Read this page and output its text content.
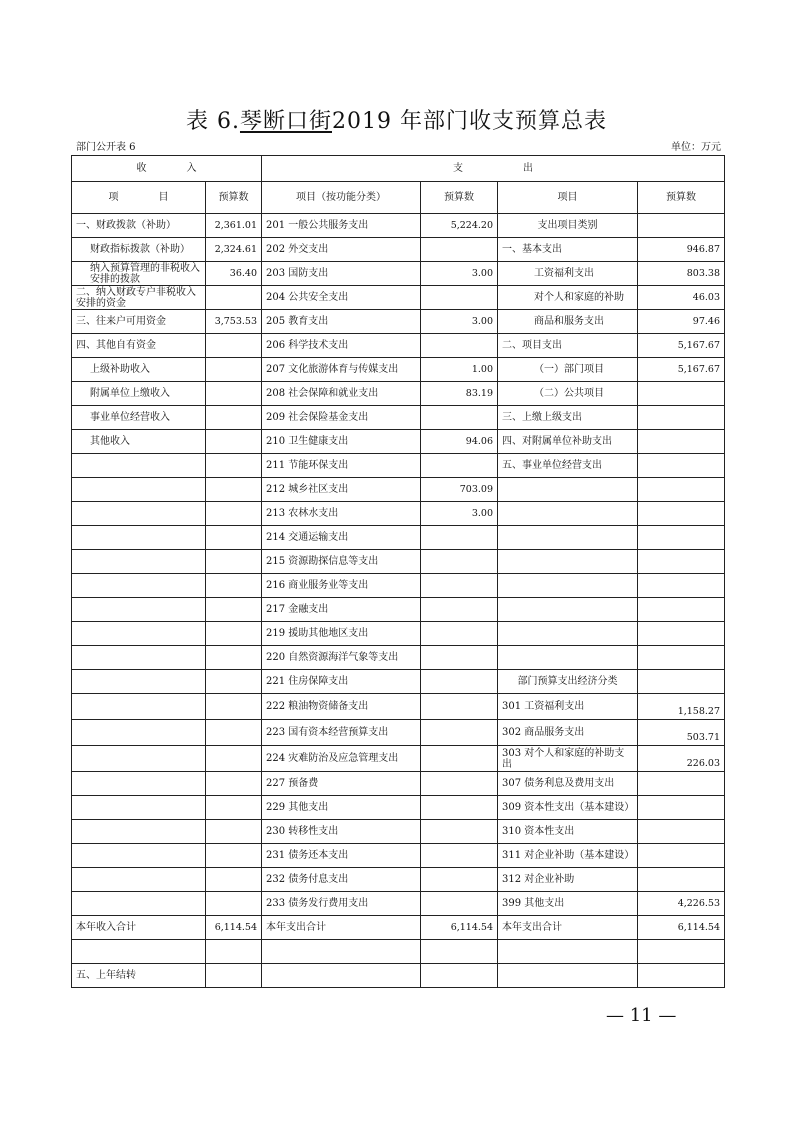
表 6.琴断口街2019 年部门收支预算总表
部门公开表 6	单位：万元
收　　　　入		支　　　　　　出			
项　　　　目	预算数	项目（按功能分类）	预算数	项目	预算数
一、财政拨款（补助）	2,361.01	201 一般公共服务支出	5,224.20	支出项目类别	
财政指标拨款（补助）	2,324.61	202 外交支出		一、基本支出	946.87
纳入预算管理的非税收入安排的拨款	36.40	203 国防支出	3.00	工资福利支出	803.38
二、纳入财政专户非税收入安排的资金		204 公共安全支出		对个人和家庭的补助	46.03
三、往来户可用资金	3,753.53	205 教育支出	3.00	商品和服务支出	97.46
四、其他自有资金		206 科学技术支出		二、项目支出	5,167.67
上级补助收入		207 文化旅游体育与传媒支出	1.00	（一）部门项目	5,167.67
附属单位上缴收入		208 社会保障和就业支出	83.19	（二）公共项目	
事业单位经营收入		209 社会保险基金支出		三、上缴上级支出	
其他收入		210 卫生健康支出	94.06	四、对附属单位补助支出	
		211 节能环保支出		五、事业单位经营支出	
		212 城乡社区支出	703.09		
		213 农林水支出	3.00		
		214 交通运输支出			
		215 资源勘探信息等支出			
		216 商业服务业等支出			
		217 金融支出			
		219 援助其他地区支出			
		220 自然资源海洋气象等支出			
		221 住房保障支出		部门预算支出经济分类	
		222 粮油物资储备支出		301 工资福利支出	1,158.27
		223 国有资本经营预算支出		302 商品服务支出	503.71
		224 灾难防治及应急管理支出		303 对个人和家庭的补助支出	226.03
		227 预备费		307 债务利息及费用支出	
		229 其他支出		309 资本性支出（基本建设）	
		230 转移性支出		310 资本性支出	
		231 债务还本支出		311 对企业补助（基本建设）	
		232 债务付息支出		312 对企业补助	
		233 债务发行费用支出		399 其他支出	4,226.53
本年收入合计	6,114.54	本年支出合计	6,114.54	本年支出合计	6,114.54

五、上年结转					
— 11 —
